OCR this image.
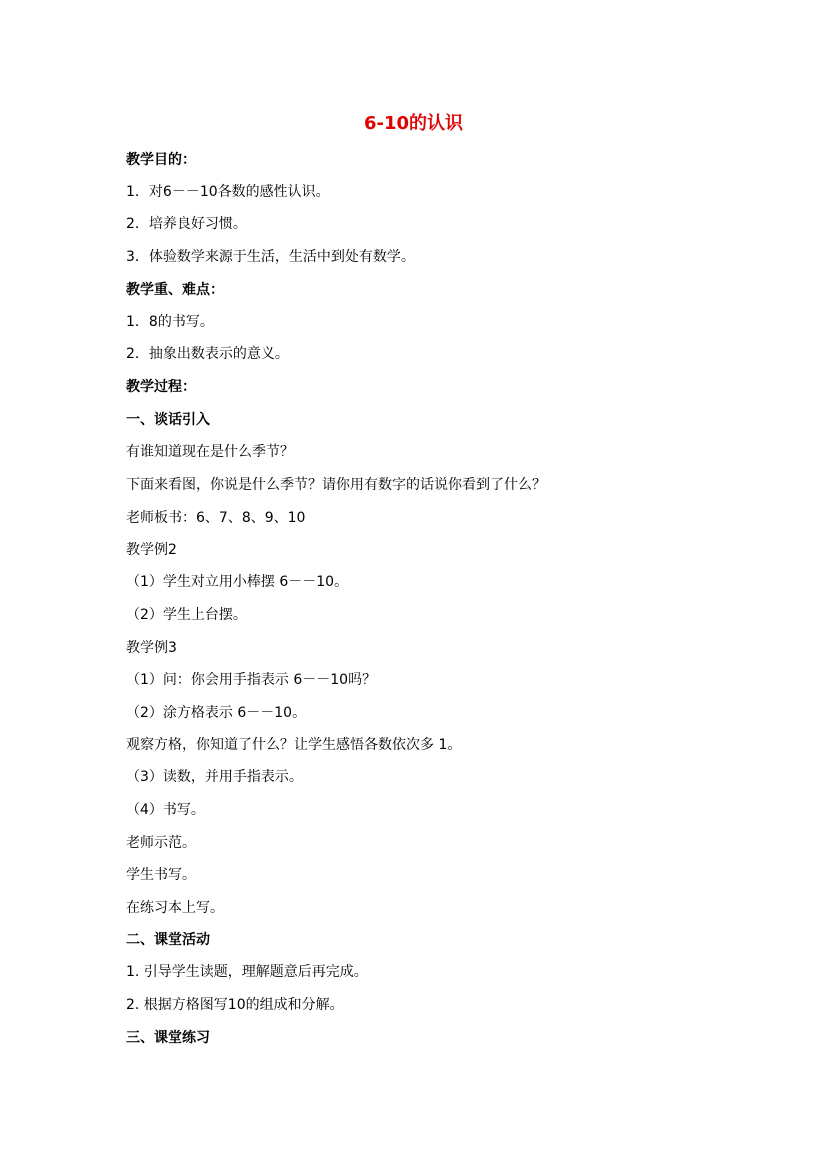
6-10的认识
教学目的：
1．对6－－10各数的感性认识。
2．培养良好习惯。
3．体验数学来源于生活，生活中到处有数学。
教学重、难点：
1．8的书写。
2．抽象出数表示的意义。
教学过程：
一、谈话引入
有谁知道现在是什么季节？
下面来看图，你说是什么季节？请你用有数字的话说你看到了什么？
老师板书：6、7、8、9、10
教学例2
（1）学生对立用小棒摆 6－－10。
（2）学生上台摆。
教学例3
（1）问：你会用手指表示 6－－10吗？
（2）涂方格表示 6－－10。
观察方格，你知道了什么？让学生感悟各数依次多 1。
（3）读数，并用手指表示。
（4）书写。
老师示范。
学生书写。
在练习本上写。
二、课堂活动
1. 引导学生读题，理解题意后再完成。
2. 根据方格图写10的组成和分解。
三、课堂练习
